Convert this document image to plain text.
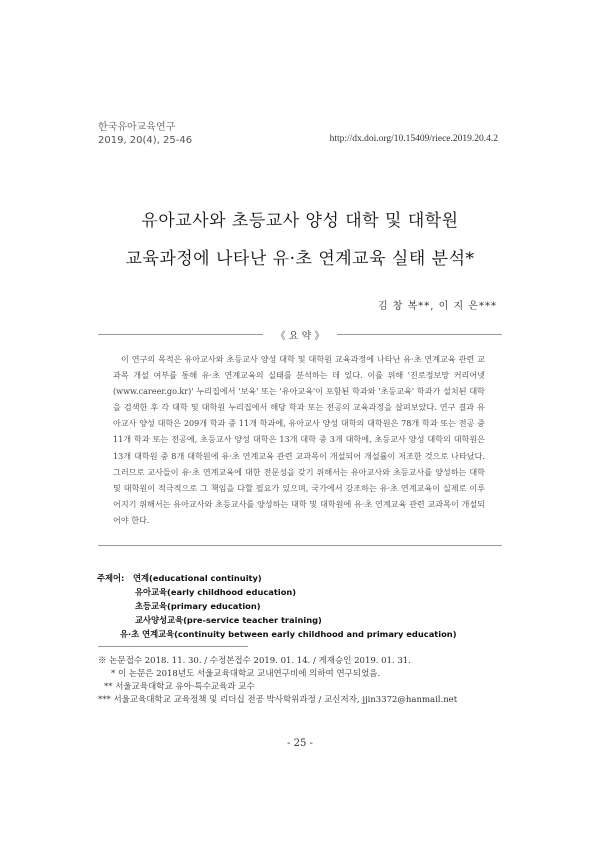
한국유아교육연구
2019, 20(4), 25-46	http://dx.doi.org/10.15409/riece.2019.20.4.2
유아교사와 초등교사 양성 대학 및 대학원
교육과정에 나타난 유·초 연계교육 실태 분석*
김 창 복**, 이 지 은***
《 요 약 》
이 연구의 목적은 유아교사와 초등교사 양성 대학 및 대학원 교육과정에 나타난 유·초 연계교육 관련 교과목 개설 여부를 통해 유·초 연계교육의 실태를 분석하는 데 있다. 이를 위해 '진로정보망 커리어넷(www.career.go.kr)' 누리집에서 '보육' 또는 '유아교육'이 포함된 학과와 '초등교육' 학과가 설치된 대학을 검색한 후 각 대학 및 대학원 누리집에서 해당 학과 또는 전공의 교육과정을 살펴보았다. 연구 결과 유아교사 양성 대학은 209개 학과 중 11개 학과에, 유아교사 양성 대학의 대학원은 78개 학과 또는 전공 중 11개 학과 또는 전공에, 초등교사 양성 대학은 13개 대학 중 3개 대학에, 초등교사 양성 대학의 대학원은 13개 대학원 중 8개 대학원에 유·초 연계교육 관련 교과목이 개설되어 개설률이 저조한 것으로 나타났다. 그러므로 교사들이 유·초 연계교육에 대한 전문성을 갖기 위해서는 유아교사와 초등교사를 양성하는 대학 및 대학원이 적극적으로 그 책임을 다할 필요가 있으며, 국가에서 강조하는 유·초 연계교육이 실제로 이루어지기 위해서는 유아교사와 초등교사를 양성하는 대학 및 대학원에 유·초 연계교육 관련 교과목이 개설되어야 한다.
주제어: 연계(educational continuity)
유아교육(early childhood education)
초등교육(primary education)
교사양성교육(pre-service teacher training)
유·초 연계교육(continuity between early childhood and primary education)
※ 논문접수 2018. 11. 30. / 수정본접수 2019. 01. 14. / 게재승인 2019. 01. 31.
* 이 논문은 2018년도 서울교육대학교 교내연구비에 의하여 연구되었음.
** 서울교육대학교 유아·특수교육과 교수
*** 서울교육대학교 교육정책 및 리더십 전공 박사학위과정 / 교신저자, jjin3372@hanmail.net
- 25 -
